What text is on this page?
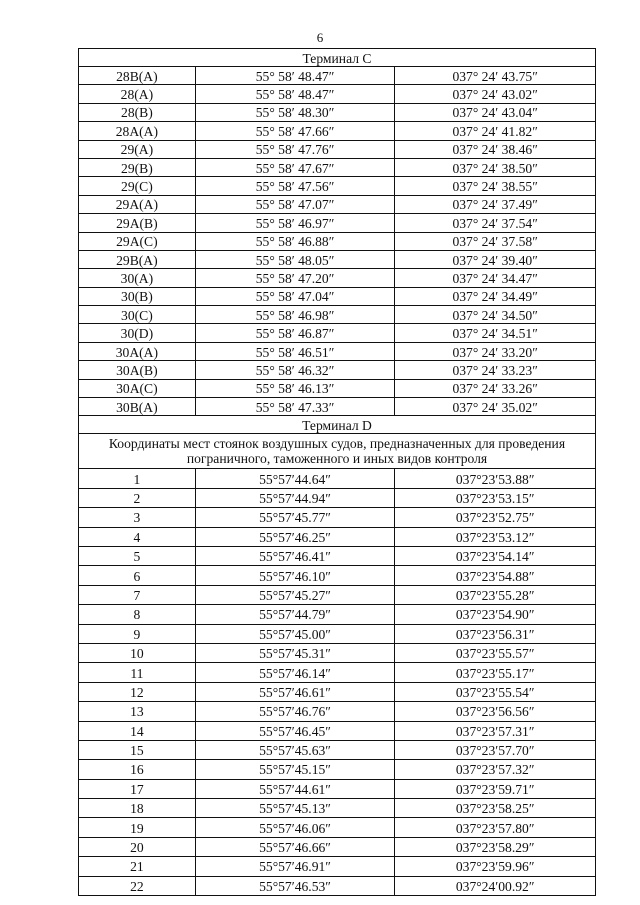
6
Терминал С		
28B(A)	55° 58′ 48.47″	037° 24′ 43.75″
28(A)	55° 58′ 48.47″	037° 24′ 43.02″
28(B)	55° 58′ 48.30″	037° 24′ 43.04″
28A(A)	55° 58′ 47.66″	037° 24′ 41.82″
29(A)	55° 58′ 47.76″	037° 24′ 38.46″
29(B)	55° 58′ 47.67″	037° 24′ 38.50″
29(C)	55° 58′ 47.56″	037° 24′ 38.55″
29A(A)	55° 58′ 47.07″	037° 24′ 37.49″
29A(B)	55° 58′ 46.97″	037° 24′ 37.54″
29A(C)	55° 58′ 46.88″	037° 24′ 37.58″
29B(A)	55° 58′ 48.05″	037° 24′ 39.40″
30(A)	55° 58′ 47.20″	037° 24′ 34.47″
30(B)	55° 58′ 47.04″	037° 24′ 34.49″
30(C)	55° 58′ 46.98″	037° 24′ 34.50″
30(D)	55° 58′ 46.87″	037° 24′ 34.51″
30A(A)	55° 58′ 46.51″	037° 24′ 33.20″
30A(B)	55° 58′ 46.32″	037° 24′ 33.23″
30A(C)	55° 58′ 46.13″	037° 24′ 33.26″
30B(A)	55° 58′ 47.33″	037° 24′ 35.02″
Терминал D		
Координаты мест стоянок воздушных судов, предназначенных для проведения пограничного, таможенного и иных видов контроля		
1	55°57′44.64″	037°23′53.88″
2	55°57′44.94″	037°23′53.15″
3	55°57′45.77″	037°23′52.75″
4	55°57′46.25″	037°23′53.12″
5	55°57′46.41″	037°23′54.14″
6	55°57′46.10″	037°23′54.88″
7	55°57′45.27″	037°23′55.28″
8	55°57′44.79″	037°23′54.90″
9	55°57′45.00″	037°23′56.31″
10	55°57′45.31″	037°23′55.57″
11	55°57′46.14″	037°23′55.17″
12	55°57′46.61″	037°23′55.54″
13	55°57′46.76″	037°23′56.56″
14	55°57′46.45″	037°23′57.31″
15	55°57′45.63″	037°23′57.70″
16	55°57′45.15″	037°23′57.32″
17	55°57′44.61″	037°23′59.71″
18	55°57′45.13″	037°23′58.25″
19	55°57′46.06″	037°23′57.80″
20	55°57′46.66″	037°23′58.29″
21	55°57′46.91″	037°23′59.96″
22	55°57′46.53″	037°24′00.92″
